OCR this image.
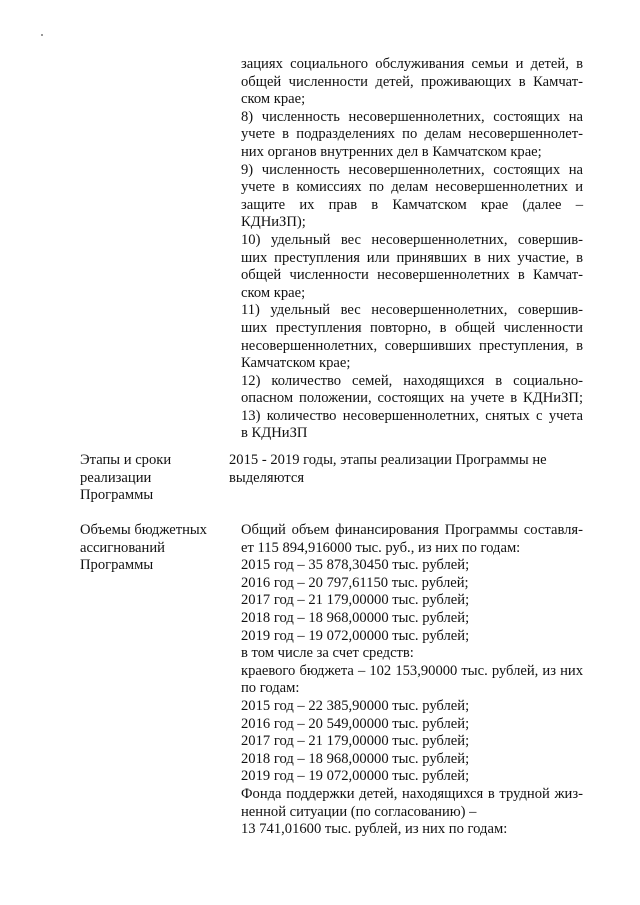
зациях социального обслуживания семьи и детей, в
общей численности детей, проживающих в Камчат-
ском крае;
8) численность несовершеннолетних, состоящих на
учете в подразделениях по делам несовершеннолет-
них органов внутренних дел в Камчатском крае;
9) численность несовершеннолетних, состоящих на
учете в комиссиях по делам несовершеннолетних и
защите их прав в Камчатском крае (далее –
КДНиЗП);
10) удельный вес несовершеннолетних, совершив-
ших преступления или принявших в них участие, в
общей численности несовершеннолетних в Камчат-
ском крае;
11) удельный вес несовершеннолетних, совершив-
ших преступления повторно, в общей численности
несовершеннолетних, совершивших преступления, в
Камчатском крае;
12) количество семей, находящихся в социально-
опасном положении, состоящих на учете в КДНиЗП;
13) количество несовершеннолетних, снятых с учета
в КДНиЗП
Этапы и сроки
реализации
Программы
2015 - 2019 годы, этапы реализации Программы не
выделяются
Объемы бюджетных
ассигнований
Программы
Общий объем финансирования Программы составля-
ет 115 894,916000 тыс. руб., из них по годам:
2015 год – 35 878,30450 тыс. рублей;
2016 год – 20 797,61150 тыс. рублей;
2017 год – 21 179,00000 тыс. рублей;
2018 год – 18 968,00000 тыс. рублей;
2019 год – 19 072,00000 тыс. рублей;
в том числе за счет средств:
краевого бюджета – 102 153,90000 тыс. рублей, из них
по годам:
2015 год – 22 385,90000 тыс. рублей;
2016 год – 20 549,00000 тыс. рублей;
2017 год – 21 179,00000 тыс. рублей;
2018 год – 18 968,00000 тыс. рублей;
2019 год – 19 072,00000 тыс. рублей;
Фонда поддержки детей, находящихся в трудной жиз-
ненной ситуации (по согласованию) –
13 741,01600 тыс. рублей, из них по годам:
